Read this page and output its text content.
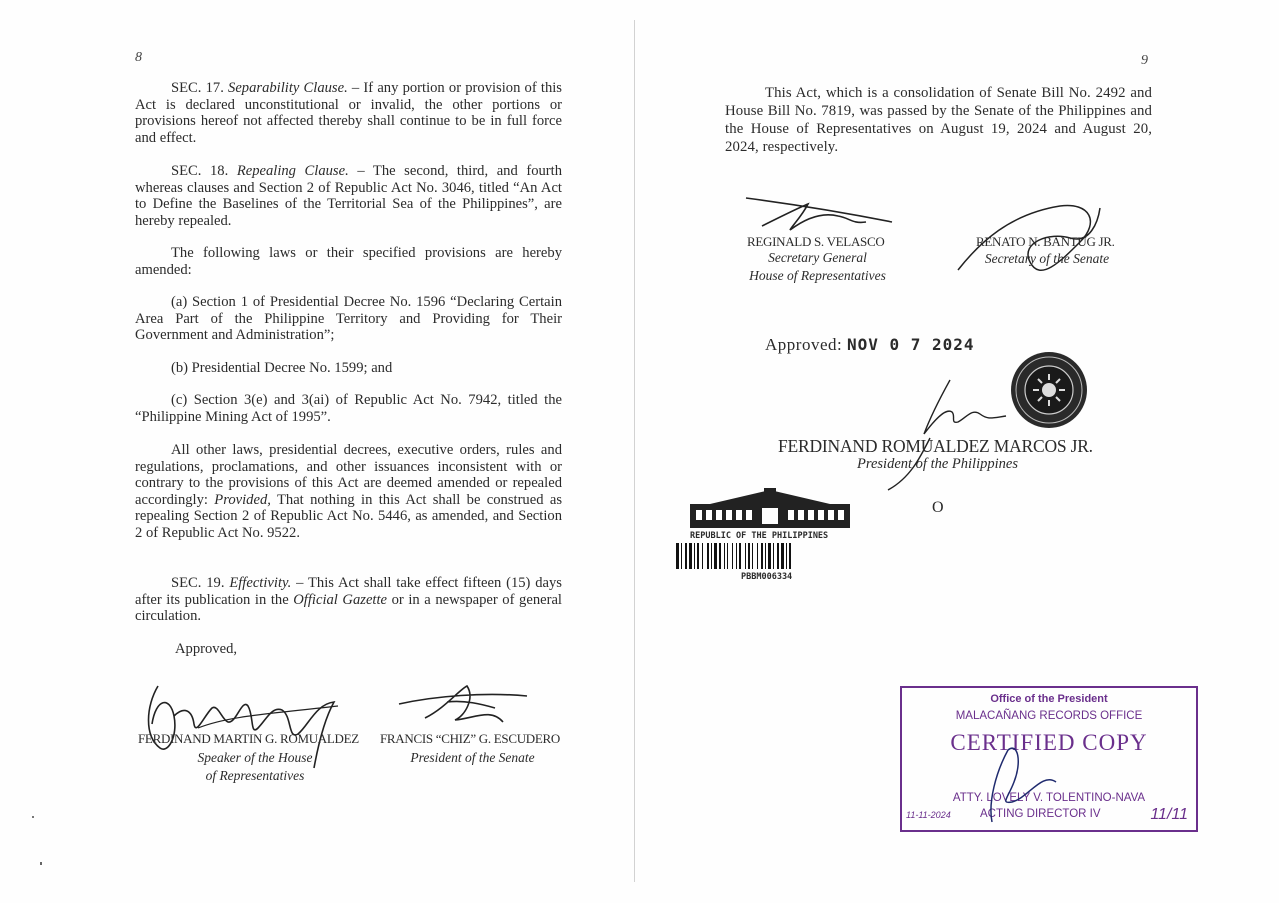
8
SEC. 17. Separability Clause. – If any portion or provision of this Act is declared unconstitutional or invalid, the other portions or provisions hereof not affected thereby shall continue to be in full force and effect.
SEC. 18. Repealing Clause. – The second, third, and fourth whereas clauses and Section 2 of Republic Act No. 3046, titled “An Act to Define the Baselines of the Territorial Sea of the Philippines”, are hereby repealed.
The following laws or their specified provisions are hereby amended:
(a) Section 1 of Presidential Decree No. 1596 “Declaring Certain Area Part of the Philippine Territory and Providing for Their Government and Administration”;
(b) Presidential Decree No. 1599; and
(c) Section 3(e) and 3(ai) of Republic Act No. 7942, titled the “Philippine Mining Act of 1995”.
All other laws, presidential decrees, executive orders, rules and regulations, proclamations, and other issuances inconsistent with or contrary to the provisions of this Act are deemed amended or repealed accordingly: Provided, That nothing in this Act shall be construed as repealing Section 2 of Republic Act No. 5446, as amended, and Section 2 of Republic Act No. 9522.
SEC. 19. Effectivity. – This Act shall take effect fifteen (15) days after its publication in the Official Gazette or in a newspaper of general circulation.
Approved,
FERDINAND MARTIN G. ROMUALDEZ
Speaker of the House
of Representatives
FRANCIS “CHIZ” G. ESCUDERO
President of the Senate
9
This Act, which is a consolidation of Senate Bill No. 2492 and House Bill No. 7819, was passed by the Senate of the Philippines and the House of Representatives on August 19, 2024 and August 20, 2024, respectively.
REGINALD S. VELASCO
Secretary General
House of Representatives
RENATO N. BANTUG JR.
Secretary of the Senate
Approved: NOV 0 7 2024
FERDINAND ROMUALDEZ MARCOS JR.
President of the Philippines
O
REPUBLIC OF THE PHILIPPINES
PBBM006334
Office of the President
MALACAÑANG RECORDS OFFICE
CERTIFIED COPY
ATTY. LOVELY V. TOLENTINO-NAVA
ACTING DIRECTOR IV
11-11-2024	11/11
